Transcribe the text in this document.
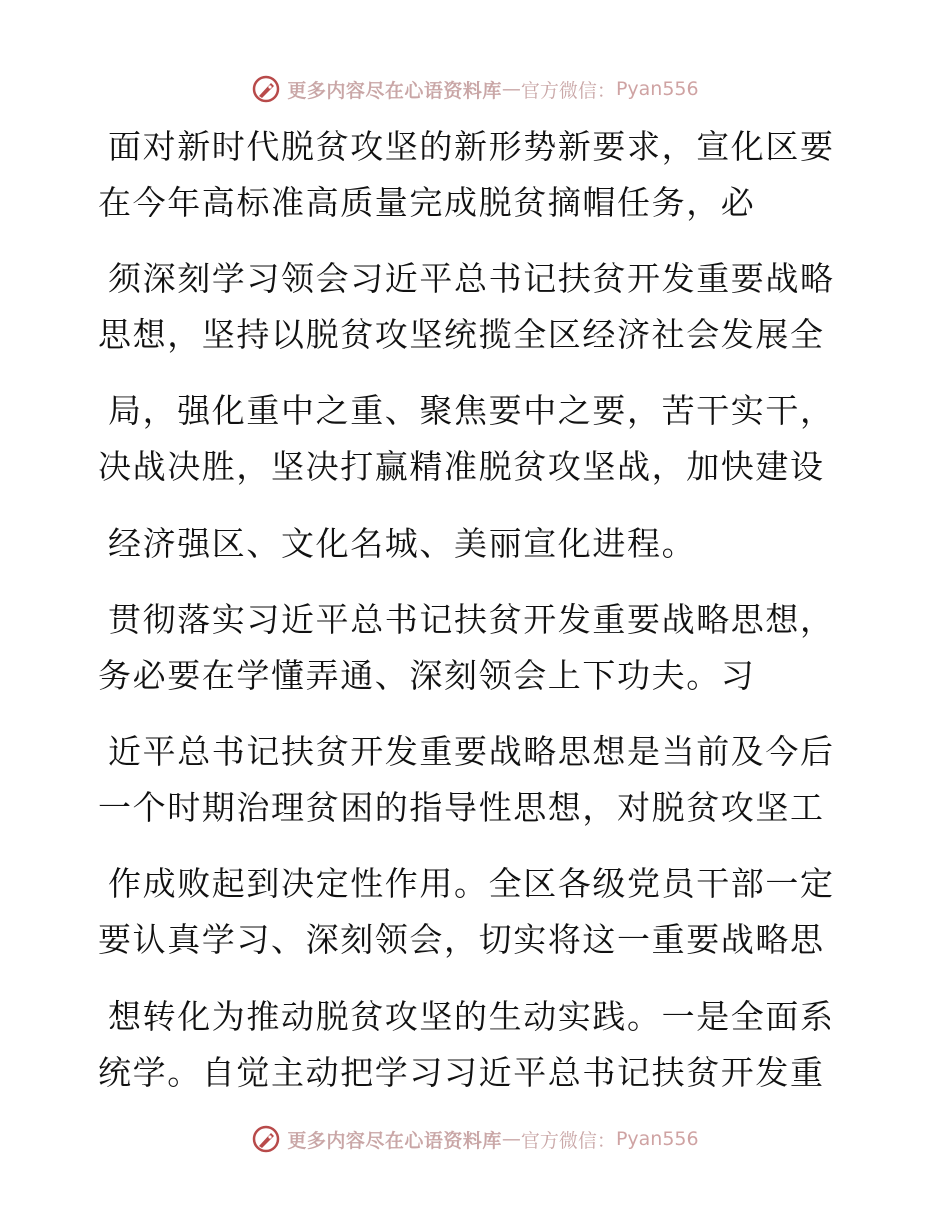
更多内容尽在心语资料库 — 官方微信： Pyan556
面对新时代脱贫攻坚的新形势新要求，宣化区要
在今年高标准高质量完成脱贫摘帽任务，必
须深刻学习领会习近平总书记扶贫开发重要战略
思想，坚持以脱贫攻坚统揽全区经济社会发展全
局，强化重中之重、聚焦要中之要，苦干实干，
决战决胜，坚决打赢精准脱贫攻坚战，加快建设
经济强区、文化名城、美丽宣化进程。
贯彻落实习近平总书记扶贫开发重要战略思想，
务必要在学懂弄通、深刻领会上下功夫。习
近平总书记扶贫开发重要战略思想是当前及今后
一个时期治理贫困的指导性思想，对脱贫攻坚工
作成败起到决定性作用。全区各级党员干部一定
要认真学习、深刻领会，切实将这一重要战略思
想转化为推动脱贫攻坚的生动实践。一是全面系
统学。自觉主动把学习习近平总书记扶贫开发重
更多内容尽在心语资料库 — 官方微信： Pyan556
